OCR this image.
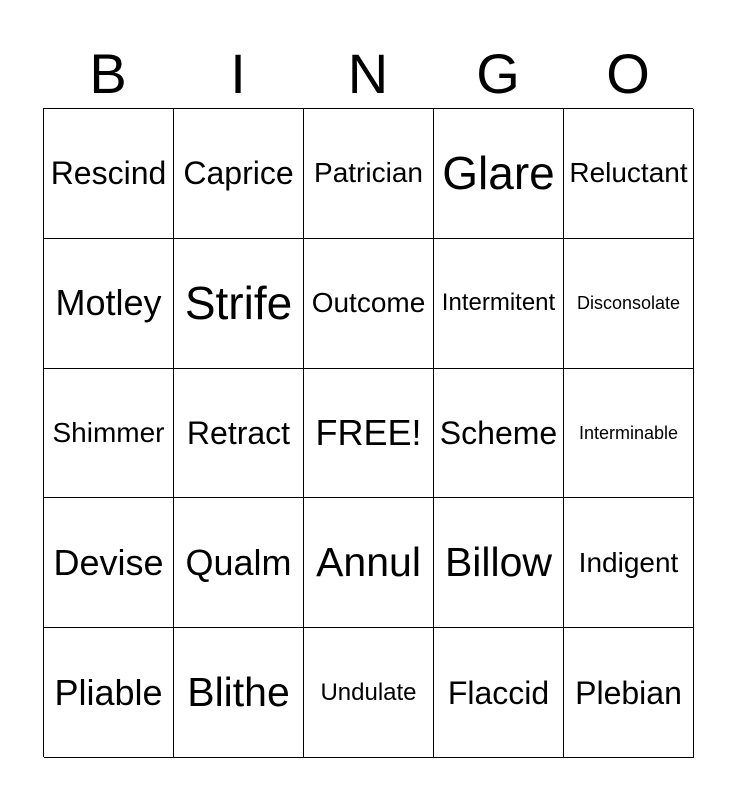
B	I	N	G	O
Rescind Caprice Patrician Glare Reluctant
Motley Strife Outcome Intermitent	Disconsolate
Shimmer Retract FREE! Scheme	Interminable
Devise Qualm Annul Billow Indigent
Pliable Blithe	Undulate Flaccid Plebian
